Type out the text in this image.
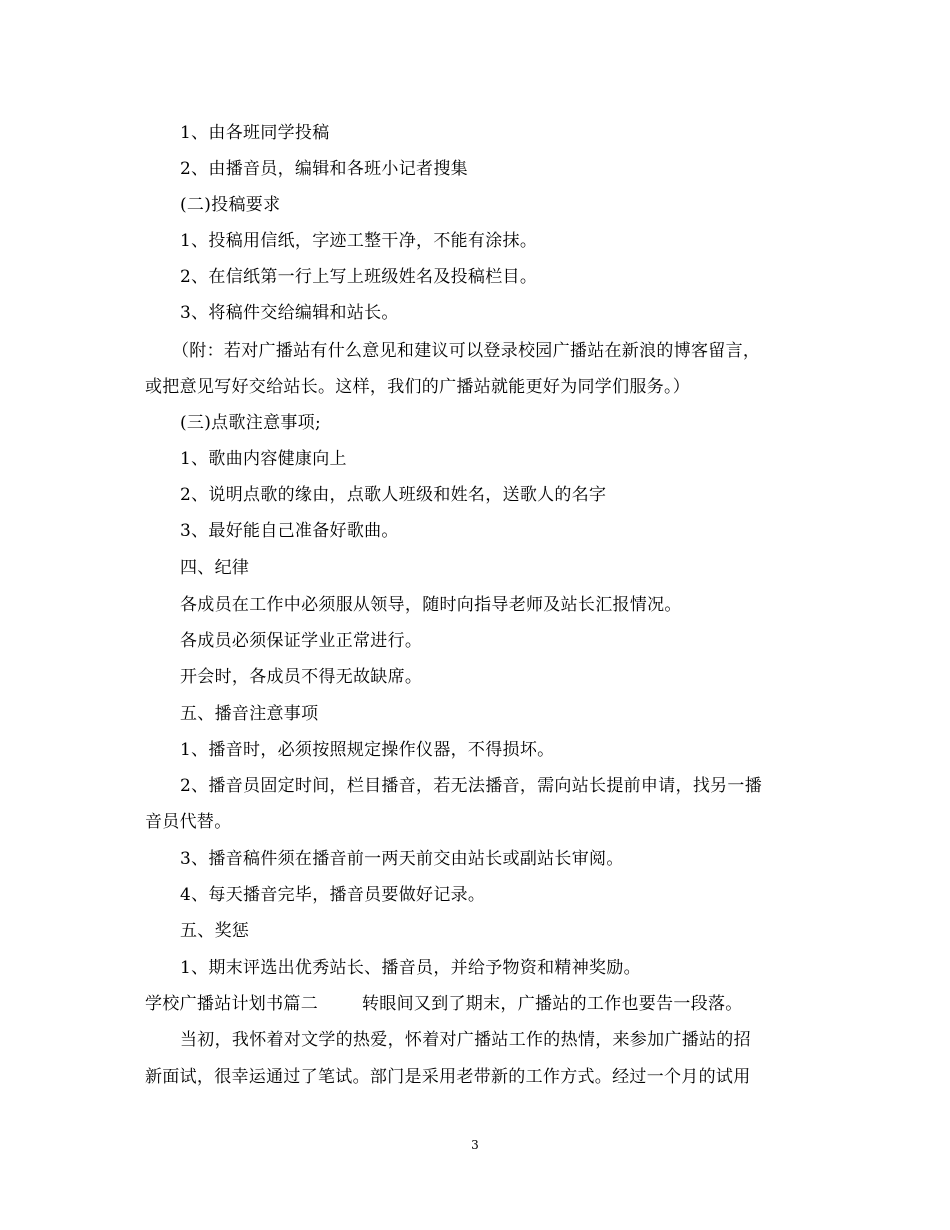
1、由各班同学投稿
2、由播音员，编辑和各班小记者搜集
(二)投稿要求
1、投稿用信纸，字迹工整干净，不能有涂抹。
2、在信纸第一行上写上班级姓名及投稿栏目。
3、将稿件交给编辑和站长。
（附：若对广播站有什么意见和建议可以登录校园广播站在新浪的博客留言，
或把意见写好交给站长。这样，我们的广播站就能更好为同学们服务。）
(三)点歌注意事项;
1、歌曲内容健康向上
2、说明点歌的缘由，点歌人班级和姓名，送歌人的名字
3、最好能自己准备好歌曲。
四、纪律
各成员在工作中必须服从领导，随时向指导老师及站长汇报情况。
各成员必须保证学业正常进行。
开会时，各成员不得无故缺席。
五、播音注意事项
1、播音时，必须按照规定操作仪器，不得损坏。
2、播音员固定时间，栏目播音，若无法播音，需向站长提前申请，找另一播
音员代替。
3、播音稿件须在播音前一两天前交由站长或副站长审阅。
4、每天播音完毕，播音员要做好记录。
五、奖惩
1、期末评选出优秀站长、播音员，并给予物资和精神奖励。
学校广播站计划书篇二	转眼间又到了期末，广播站的工作也要告一段落。
当初，我怀着对文学的热爱，怀着对广播站工作的热情，来参加广播站的招
新面试，很幸运通过了笔试。部门是采用老带新的工作方式。经过一个月的试用
3
